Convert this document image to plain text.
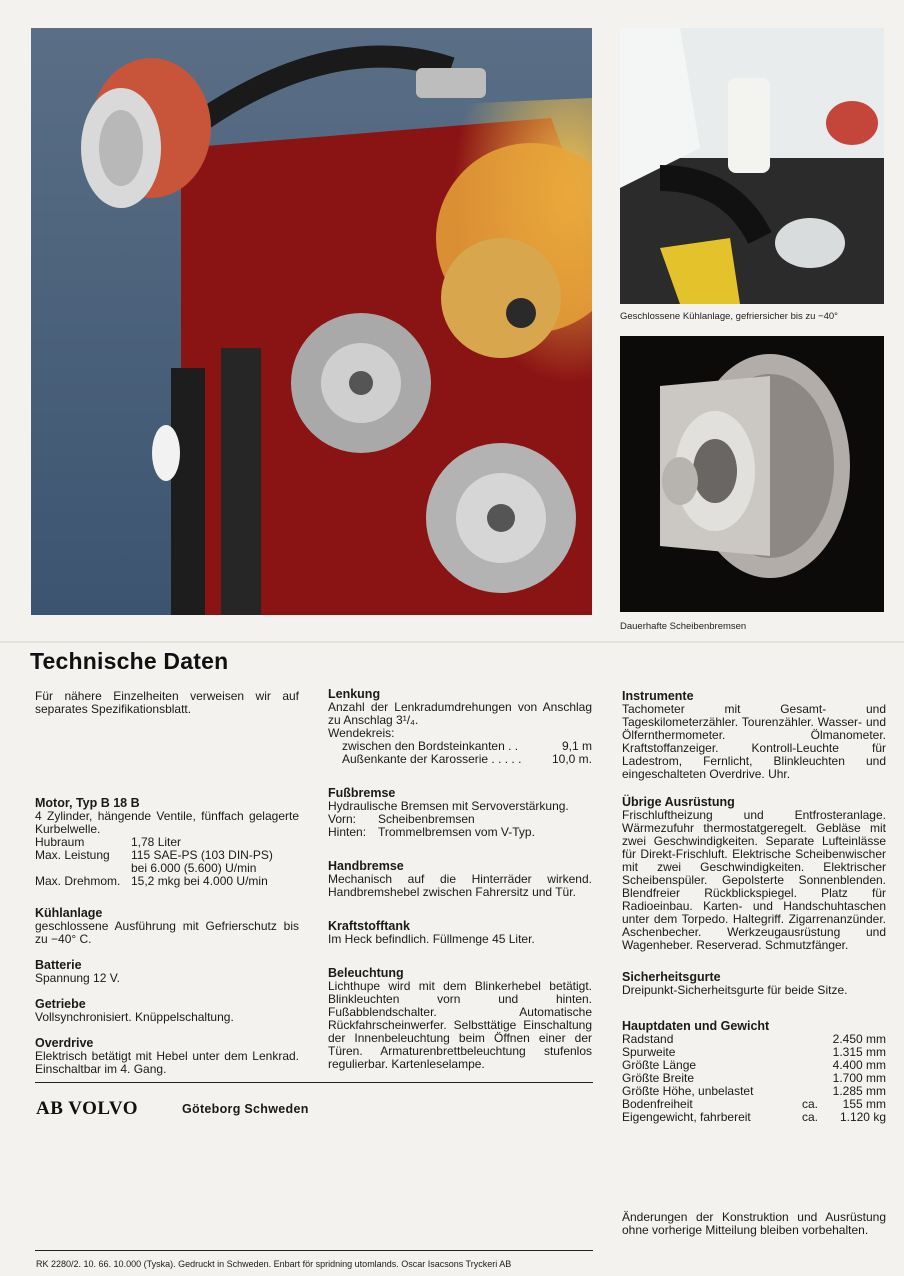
Geschlossene Kühlanlage, gefriersicher bis zu −40°
Dauerhafte Scheibenbremsen
Technische Daten

Für nähere Einzelheiten verweisen wir auf separates Spezifikationsblatt.

Motor, Typ B 18 B

4 Zylinder, hängende Ventile, fünffach gelagerte Kurbelwelle.

Hubraum	1,78 Liter
Max. Leistung	115 SAE-PS (103 DIN-PS)
bei 6.000 (5.600) U/min
Max. Drehmom. 15,2 mkg bei 4.000 U/min
Kühlanlage

geschlossene Ausführung mit Gefrierschutz bis zu −40° C.

Batterie

Spannung 12 V.

Getriebe

Vollsynchronisiert. Knüppelschaltung.

Overdrive

Elektrisch betätigt mit Hebel unter dem Lenkrad. Einschaltbar im 4. Gang.

Lenkung

Anzahl der Lenkradumdrehungen von Anschlag zu Anschlag 3¹/₄.

Wendekreis:

zwischen den Bordsteinkanten . .	9,1 m
Außenkante der Karosserie . . . . .	10,0 m.
Fußbremse

Hydraulische Bremsen mit Servoverstärkung.

Vorn:	Scheibenbremsen
Hinten: Trommelbremsen vom V-Typ.
Handbremse

Mechanisch auf die Hinterräder wirkend. Handbremshebel zwischen Fahrersitz und Tür.

Kraftstofftank

Im Heck befindlich. Füllmenge 45 Liter.

Beleuchtung

Lichthupe wird mit dem Blinkerhebel betätigt. Blinkleuchten vorn und hinten. Fußabblendschalter. Automatische Rückfahrscheinwerfer. Selbsttätige Einschaltung der Innenbeleuchtung beim Öffnen einer der Türen. Armaturenbrettbeleuchtung stufenlos regulierbar. Kartenleselampe.

AB VOLVO	Göteborg Schweden
Instrumente

Tachometer mit Gesamt- und Tageskilometerzähler. Tourenzähler. Wasser- und Ölfernthermometer. Ölmanometer. Kraftstoffanzeiger. Kontroll-Leuchte für Ladestrom, Fernlicht, Blinkleuchten und eingeschalteten Overdrive. Uhr.

Übrige Ausrüstung

Frischluftheizung und Entfrosteranlage. Wärmezufuhr thermostatgeregelt. Gebläse mit zwei Geschwindigkeiten. Separate Lufteinlässe für Direkt-Frischluft. Elektrische Scheibenwischer mit zwei Geschwindigkeiten. Elektrischer Scheibenspüler. Gepolsterte Sonnenblenden. Blendfreier Rückblickspiegel. Platz für Radioeinbau. Karten- und Handschuhtaschen unter dem Torpedo. Haltegriff. Zigarrenanzünder. Aschenbecher. Werkzeugausrüstung und Wagenheber. Reserverad. Schmutzfänger.

Sicherheitsgurte

Dreipunkt-Sicherheitsgurte für beide Sitze.

Hauptdaten und Gewicht
Radstand	2.450 mm
Spurweite	1.315 mm
Größte Länge	4.400 mm
Größte Breite	1.700 mm
Größte Höhe, unbelastet	1.285 mm
Bodenfreiheit	ca.	155 mm
Eigengewicht, fahrbereit	ca.	1.120 kg

Änderungen der Konstruktion und Ausrüstung ohne vorherige Mitteilung bleiben vorbehalten.

RK 2280/2. 10. 66. 10.000 (Tyska). Gedruckt in Schweden. Enbart för spridning utomlands. Oscar Isacsons Tryckeri AB
